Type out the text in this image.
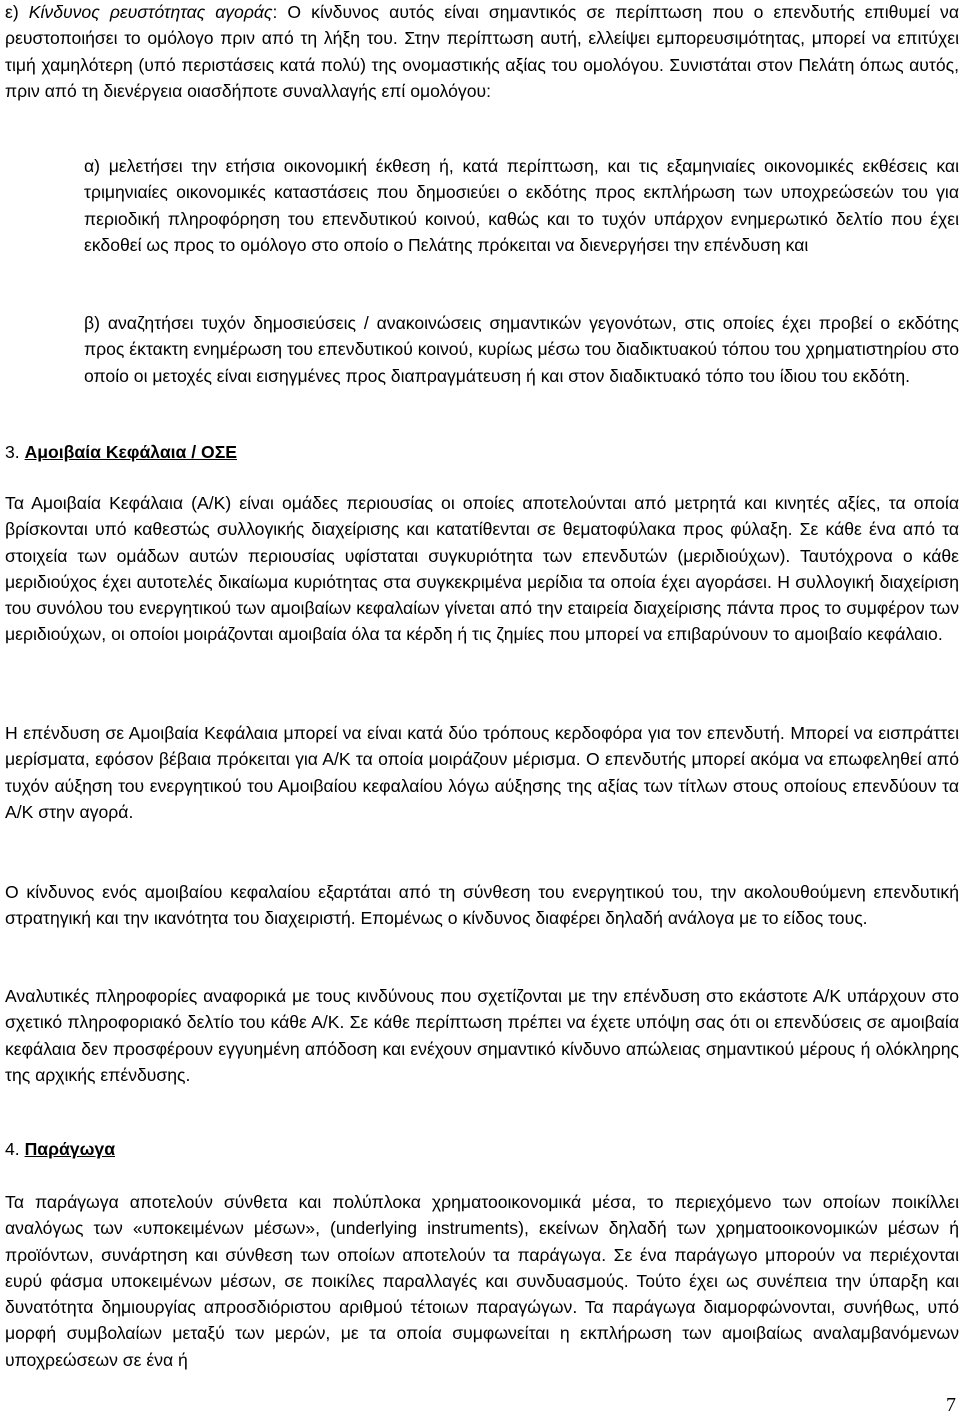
ε) Κίνδυνος ρευστότητας αγοράς: Ο κίνδυνος αυτός είναι σημαντικός σε περίπτωση που ο επενδυτής επιθυμεί να ρευστοποιήσει το ομόλογο πριν από τη λήξη του. Στην περίπτωση αυτή, ελλείψει εμπορευσιμότητας, μπορεί να επιτύχει τιμή χαμηλότερη (υπό περιστάσεις κατά πολύ) της ονομαστικής αξίας του ομολόγου. Συνιστάται στον Πελάτη όπως αυτός, πριν από τη διενέργεια οιασδήποτε συναλλαγής επί ομολόγου:

α) μελετήσει την ετήσια οικονομική έκθεση ή, κατά περίπτωση, και τις εξαμηνιαίες οικονομικές εκθέσεις και τριμηνιαίες οικονομικές καταστάσεις που δημοσιεύει ο εκδότης προς εκπλήρωση των υποχρεώσεών του για περιοδική πληροφόρηση του επενδυτικού κοινού, καθώς και το τυχόν υπάρχον ενημερωτικό δελτίο που έχει εκδοθεί ως προς το ομόλογο στο οποίο ο Πελάτης πρόκειται να διενεργήσει την επένδυση και

β) αναζητήσει τυχόν δημοσιεύσεις / ανακοινώσεις σημαντικών γεγονότων, στις οποίες έχει προβεί ο εκδότης προς έκτακτη ενημέρωση του επενδυτικού κοινού, κυρίως μέσω του διαδικτυακού τόπου του χρηματιστηρίου στο οποίο οι μετοχές είναι εισηγμένες προς διαπραγμάτευση ή και στον διαδικτυακό τόπο του ίδιου του εκδότη.

3. Αμοιβαία Κεφάλαια / ΟΣΕ

Τα Αμοιβαία Κεφάλαια (Α/Κ) είναι ομάδες περιουσίας οι οποίες αποτελούνται από μετρητά και κινητές αξίες, τα οποία βρίσκονται υπό καθεστώς συλλογικής διαχείρισης και κατατίθενται σε θεματοφύλακα προς φύλαξη. Σε κάθε ένα από τα στοιχεία των ομάδων αυτών περιουσίας υφίσταται συγκυριότητα των επενδυτών (μεριδιούχων). Ταυτόχρονα ο κάθε μεριδιούχος έχει αυτοτελές δικαίωμα κυριότητας στα συγκεκριμένα μερίδια τα οποία έχει αγοράσει. Η συλλογική διαχείριση του συνόλου του ενεργητικού των αμοιβαίων κεφαλαίων γίνεται από την εταιρεία διαχείρισης πάντα προς το συμφέρον των μεριδιούχων, οι οποίοι μοιράζονται αμοιβαία όλα τα κέρδη ή τις ζημίες που μπορεί να επιβαρύνουν το αμοιβαίο κεφάλαιο.

Η επένδυση σε Αμοιβαία Κεφάλαια μπορεί να είναι κατά δύο τρόπους κερδοφόρα για τον επενδυτή. Μπορεί να εισπράττει μερίσματα, εφόσον βέβαια πρόκειται για Α/Κ τα οποία μοιράζουν μέρισμα. Ο επενδυτής μπορεί ακόμα να επωφεληθεί από τυχόν αύξηση του ενεργητικού του Αμοιβαίου κεφαλαίου λόγω αύξησης της αξίας των τίτλων στους οποίους επενδύουν τα Α/Κ στην αγορά.

Ο κίνδυνος ενός αμοιβαίου κεφαλαίου εξαρτάται από τη σύνθεση του ενεργητικού του, την ακολουθούμενη επενδυτική στρατηγική και την ικανότητα του διαχειριστή. Επομένως ο κίνδυνος διαφέρει δηλαδή ανάλογα με το είδος τους.

Αναλυτικές πληροφορίες αναφορικά με τους κινδύνους που σχετίζονται με την επένδυση στο εκάστοτε Α/Κ υπάρχουν στο σχετικό πληροφοριακό δελτίο του κάθε Α/Κ. Σε κάθε περίπτωση πρέπει να έχετε υπόψη σας ότι οι επενδύσεις σε αμοιβαία κεφάλαια δεν προσφέρουν εγγυημένη απόδοση και ενέχουν σημαντικό κίνδυνο απώλειας σημαντικού μέρους ή ολόκληρης της αρχικής επένδυσης.

4. Παράγωγα

Τα παράγωγα αποτελούν σύνθετα και πολύπλοκα χρηματοοικονομικά μέσα, το περιεχόμενο των οποίων ποικίλλει αναλόγως των «υποκειμένων μέσων», (underlying instruments), εκείνων δηλαδή των χρηματοοικονομικών μέσων ή προϊόντων, συνάρτηση και σύνθεση των οποίων αποτελούν τα παράγωγα. Σε ένα παράγωγο μπορούν να περιέχονται ευρύ φάσμα υποκειμένων μέσων, σε ποικίλες παραλλαγές και συνδυασμούς. Τούτο έχει ως συνέπεια την ύπαρξη και δυνατότητα δημιουργίας απροσδιόριστου αριθμού τέτοιων παραγώγων. Τα παράγωγα διαμορφώνονται, συνήθως, υπό μορφή συμβολαίων μεταξύ των μερών, με τα οποία συμφωνείται η εκπλήρωση των αμοιβαίως αναλαμβανόμενων υποχρεώσεων σε ένα ή

7
